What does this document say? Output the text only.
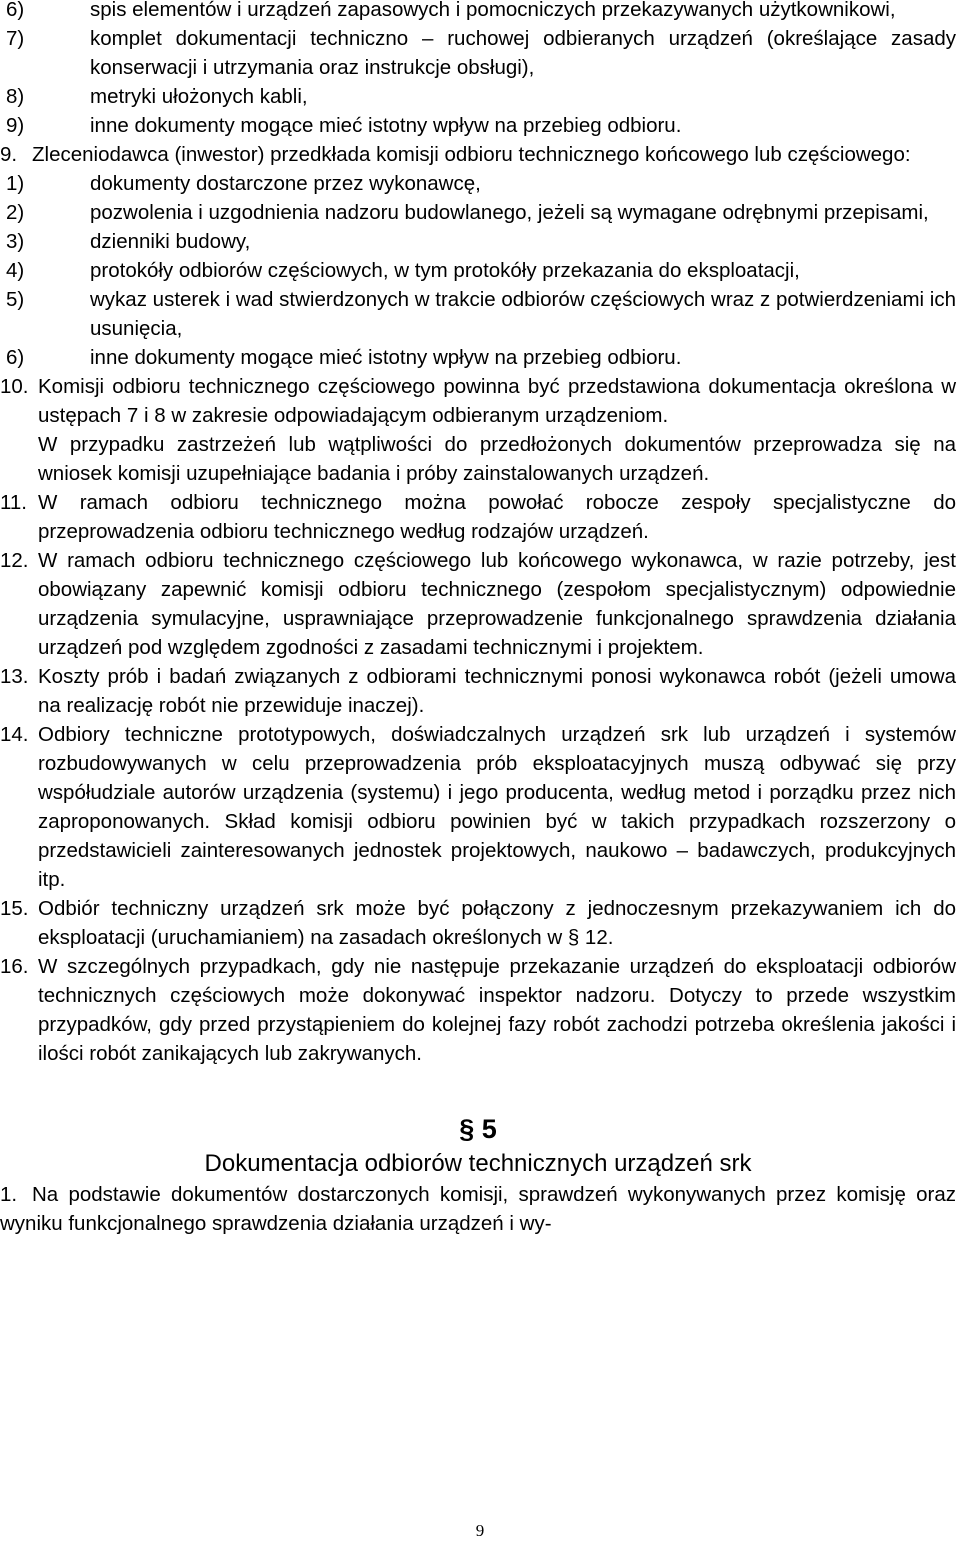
6)	spis elementów i urządzeń zapasowych i pomocniczych przekazywanych użytkownikowi,
7)	komplet dokumentacji techniczno – ruchowej odbieranych urządzeń (określające zasady konserwacji i utrzymania oraz instrukcje obsługi),
8)	metryki ułożonych kabli,
9)	inne dokumenty mogące mieć istotny wpływ na przebieg odbioru.
9. Zleceniodawca (inwestor) przedkłada komisji odbioru technicznego końcowego lub częściowego:
1)	dokumenty dostarczone przez wykonawcę,
2)	pozwolenia i uzgodnienia nadzoru budowlanego, jeżeli są wymagane odrębnymi przepisami,
3)	dzienniki budowy,
4)	protokóły odbiorów częściowych, w tym protokóły przekazania do eksploatacji,
5)	wykaz usterek i wad stwierdzonych w trakcie odbiorów częściowych wraz z potwierdzeniami ich usunięcia,
6)	inne dokumenty mogące mieć istotny wpływ na przebieg odbioru.
10. Komisji odbioru technicznego częściowego powinna być przedstawiona dokumentacja określona w ustępach 7 i 8 w zakresie odpowiadającym odbieranym urządzeniom.
W przypadku zastrzeżeń lub wątpliwości do przedłożonych dokumentów przeprowadza się na wniosek komisji uzupełniające badania i próby zainstalowanych urządzeń.
11. W ramach odbioru technicznego można powołać robocze zespoły specjalistyczne do przeprowadzenia odbioru technicznego według rodzajów urządzeń.
12. W ramach odbioru technicznego częściowego lub końcowego wykonawca, w razie potrzeby, jest obowiązany zapewnić komisji odbioru technicznego (zespołom specjalistycznym) odpowiednie urządzenia symulacyjne, usprawniające przeprowadzenie funkcjonalnego sprawdzenia działania urządzeń pod względem zgodności z zasadami technicznymi i projektem.
13. Koszty prób i badań związanych z odbiorami technicznymi ponosi wykonawca robót (jeżeli umowa na realizację robót nie przewiduje inaczej).
14. Odbiory techniczne prototypowych, doświadczalnych urządzeń srk lub urządzeń i systemów rozbudowywanych w celu przeprowadzenia prób eksploatacyjnych muszą odbywać się przy współudziale autorów urządzenia (systemu) i jego producenta, według metod i porządku przez nich zaproponowanych. Skład komisji odbioru powinien być w takich przypadkach rozszerzony o przedstawicieli zainteresowanych jednostek projektowych, naukowo – badawczych, produkcyjnych itp.
15. Odbiór techniczny urządzeń srk może być połączony z jednoczesnym przekazywaniem ich do eksploatacji (uruchamianiem) na zasadach określonych w § 12.
16. W szczególnych przypadkach, gdy nie następuje przekazanie urządzeń do eksploatacji odbiorów technicznych częściowych może dokonywać inspektor nadzoru. Dotyczy to przede wszystkim przypadków, gdy przed przystąpieniem do kolejnej fazy robót zachodzi potrzeba określenia jakości i ilości robót zanikających lub zakrywanych.
§ 5
Dokumentacja odbiorów technicznych urządzeń srk
1. Na podstawie dokumentów dostarczonych komisji, sprawdzeń wykonywanych przez komisję oraz wyniku funkcjonalnego sprawdzenia działania urządzeń i wy-
9
